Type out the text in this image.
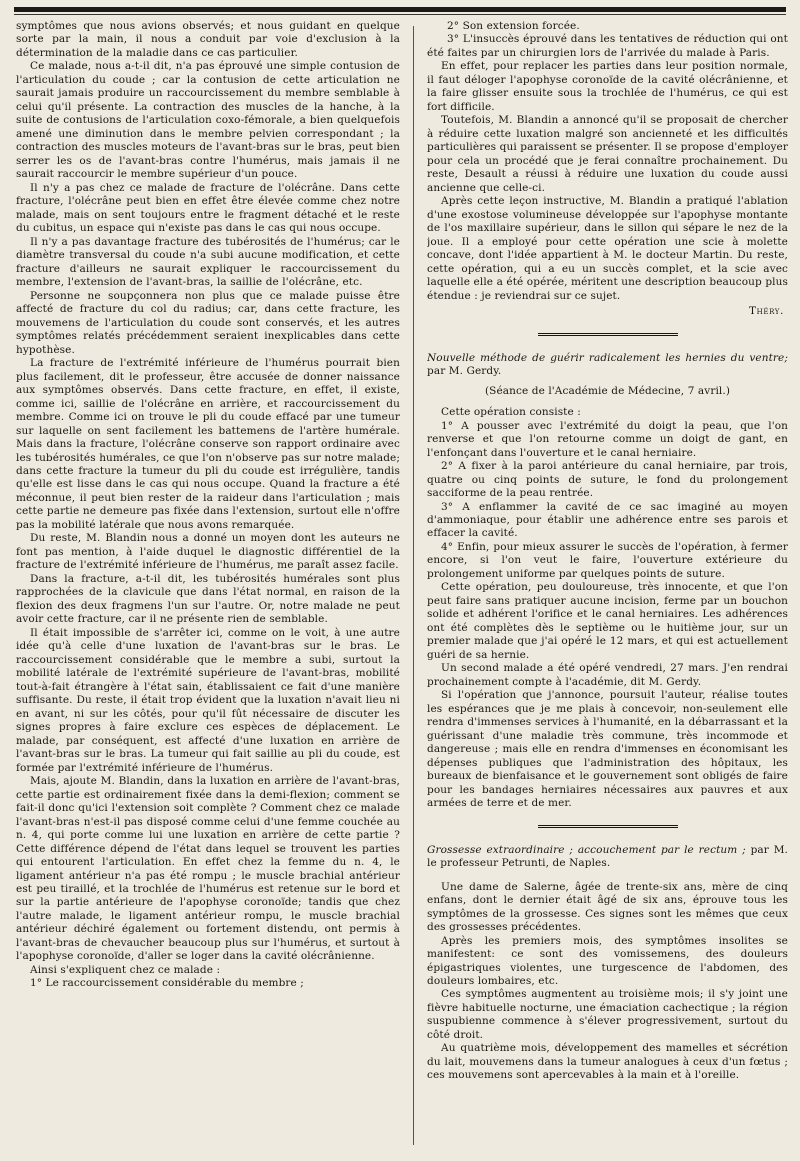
symptômes que nous avions observés; et nous guidant en quelque sorte par la main, il nous a conduit par voie d'exclusion à la détermination de la maladie dans ce cas particulier.

Ce malade, nous a-t-il dit, n'a pas éprouvé une simple contusion de l'articulation du coude ; car la contusion de cette articulation ne saurait jamais produire un raccourcissement du membre semblable à celui qu'il présente. La contraction des muscles de la hanche, à la suite de contusions de l'articulation coxo-fémorale, a bien quelquefois amené une diminution dans le membre pelvien correspondant ; la contraction des muscles moteurs de l'avant-bras sur le bras, peut bien serrer les os de l'avant-bras contre l'humérus, mais jamais il ne saurait raccourcir le membre supérieur d'un pouce.

Il n'y a pas chez ce malade de fracture de l'olécrâne. Dans cette fracture, l'olécrâne peut bien en effet être élevée comme chez notre malade, mais on sent toujours entre le fragment détaché et le reste du cubitus, un espace qui n'existe pas dans le cas qui nous occupe.

Il n'y a pas davantage fracture des tubérosités de l'humérus; car le diamètre transversal du coude n'a subi aucune modification, et cette fracture d'ailleurs ne saurait expliquer le raccourcissement du membre, l'extension de l'avant-bras, la saillie de l'olécrâne, etc.

Personne ne soupçonnera non plus que ce malade puisse être affecté de fracture du col du radius; car, dans cette fracture, les mouvemens de l'articulation du coude sont conservés, et les autres symptômes relatés précédemment seraient inexplicables dans cette hypothèse.

La fracture de l'extrémité inférieure de l'humérus pourrait bien plus facilement, dit le professeur, être accusée de donner naissance aux symptômes observés. Dans cette fracture, en effet, il existe, comme ici, saillie de l'olécrâne en arrière, et raccourcissement du membre. Comme ici on trouve le pli du coude effacé par une tumeur sur laquelle on sent facilement les battemens de l'artère humérale. Mais dans la fracture, l'olécrâne conserve son rapport ordinaire avec les tubérosités humérales, ce que l'on n'observe pas sur notre malade; dans cette fracture la tumeur du pli du coude est irrégulière, tandis qu'elle est lisse dans le cas qui nous occupe. Quand la fracture a été méconnue, il peut bien rester de la raideur dans l'articulation ; mais cette partie ne demeure pas fixée dans l'extension, surtout elle n'offre pas la mobilité latérale que nous avons remarquée.

Du reste, M. Blandin nous a donné un moyen dont les auteurs ne font pas mention, à l'aide duquel le diagnostic différentiel de la fracture de l'extrémité inférieure de l'humérus, me paraît assez facile.

Dans la fracture, a-t-il dit, les tubérosités humérales sont plus rapprochées de la clavicule que dans l'état normal, en raison de la flexion des deux fragmens l'un sur l'autre. Or, notre malade ne peut avoir cette fracture, car il ne présente rien de semblable.

Il était impossible de s'arrêter ici, comme on le voit, à une autre idée qu'à celle d'une luxation de l'avant-bras sur le bras. Le raccourcissement considérable que le membre a subi, surtout la mobilité latérale de l'extrémité supérieure de l'avant-bras, mobilité tout-à-fait étrangère à l'état sain, établissaient ce fait d'une manière suffisante. Du reste, il était trop évident que la luxation n'avait lieu ni en avant, ni sur les côtés, pour qu'il fût nécessaire de discuter les signes propres à faire exclure ces espèces de déplacement. Le malade, par conséquent, est affecté d'une luxation en arrière de l'avant-bras sur le bras. La tumeur qui fait saillie au pli du coude, est formée par l'extrémité inférieure de l'humérus.

Mais, ajoute M. Blandin, dans la luxation en arrière de l'avant-bras, cette partie est ordinairement fixée dans la demi-flexion; comment se fait-il donc qu'ici l'extension soit complète ? Comment chez ce malade l'avant-bras n'est-il pas disposé comme celui d'une femme couchée au n. 4, qui porte comme lui une luxation en arrière de cette partie ? Cette différence dépend de l'état dans lequel se trouvent les parties qui entourent l'articulation. En effet chez la femme du n. 4, le ligament antérieur n'a pas été rompu ; le muscle brachial antérieur est peu tiraillé, et la trochlée de l'humérus est retenue sur le bord et sur la partie antérieure de l'apophyse coronoïde; tandis que chez l'autre malade, le ligament antérieur rompu, le muscle brachial antérieur déchiré également ou fortement distendu, ont permis à l'avant-bras de chevaucher beaucoup plus sur l'humérus, et surtout à l'apophyse coronoïde, d'aller se loger dans la cavité olécrânienne.

Ainsi s'expliquent chez ce malade :

1° Le raccourcissement considérable du membre ;

2° Son extension forcée.

3° L'insuccès éprouvé dans les tentatives de réduction qui ont été faites par un chirurgien lors de l'arrivée du malade à Paris.

En effet, pour replacer les parties dans leur position normale, il faut déloger l'apophyse coronoïde de la cavité olécrânienne, et la faire glisser ensuite sous la trochlée de l'humérus, ce qui est fort difficile.

Toutefois, M. Blandin a annoncé qu'il se proposait de chercher à réduire cette luxation malgré son ancienneté et les difficultés particulières qui paraissent se présenter. Il se propose d'employer pour cela un procédé que je ferai connaître prochainement. Du reste, Desault a réussi à réduire une luxation du coude aussi ancienne que celle-ci.

Après cette leçon instructive, M. Blandin a pratiqué l'ablation d'une exostose volumineuse développée sur l'apophyse montante de l'os maxillaire supérieur, dans le sillon qui sépare le nez de la joue. Il a employé pour cette opération une scie à molette concave, dont l'idée appartient à M. le docteur Martin. Du reste, cette opération, qui a eu un succès complet, et la scie avec laquelle elle a été opérée, méritent une description beaucoup plus étendue : je reviendrai sur ce sujet.

Théry.

Nouvelle méthode de guérir radicalement les hernies du ventre; par M. Gerdy.

(Séance de l'Académie de Médecine, 7 avril.)

Cette opération consiste :

1° A pousser avec l'extrémité du doigt la peau, que l'on renverse et que l'on retourne comme un doigt de gant, en l'enfonçant dans l'ouverture et le canal herniaire.

2° A fixer à la paroi antérieure du canal herniaire, par trois, quatre ou cinq points de suture, le fond du prolongement sacciforme de la peau rentrée.

3° A enflammer la cavité de ce sac imaginé au moyen d'ammoniaque, pour établir une adhérence entre ses parois et effacer la cavité.

4° Enfin, pour mieux assurer le succès de l'opération, à fermer encore, si l'on veut le faire, l'ouverture extérieure du prolongement uniforme par quelques points de suture.

Cette opération, peu douloureuse, très innocente, et que l'on peut faire sans pratiquer aucune incision, ferme par un bouchon solide et adhérent l'orifice et le canal herniaires. Les adhérences ont été complètes dès le septième ou le huitième jour, sur un premier malade que j'ai opéré le 12 mars, et qui est actuellement guéri de sa hernie.

Un second malade a été opéré vendredi, 27 mars. J'en rendrai prochainement compte à l'académie, dit M. Gerdy.

Si l'opération que j'annonce, poursuit l'auteur, réalise toutes les espérances que je me plais à concevoir, non-seulement elle rendra d'immenses services à l'humanité, en la débarrassant et la guérissant d'une maladie très commune, très incommode et dangereuse ; mais elle en rendra d'immenses en économisant les dépenses publiques que l'administration des hôpitaux, les bureaux de bienfaisance et le gouvernement sont obligés de faire pour les bandages herniaires nécessaires aux pauvres et aux armées de terre et de mer.

Grossesse extraordinaire ; accouchement par le rectum ; par M. le professeur Petrunti, de Naples.

Une dame de Salerne, âgée de trente-six ans, mère de cinq enfans, dont le dernier était âgé de six ans, éprouve tous les symptômes de la grossesse. Ces signes sont les mêmes que ceux des grossesses précédentes.

Après les premiers mois, des symptômes insolites se manifestent: ce sont des vomissemens, des douleurs épigastriques violentes, une turgescence de l'abdomen, des douleurs lombaires, etc.

Ces symptômes augmentent au troisième mois; il s'y joint une fièvre habituelle nocturne, une émaciation cachectique ; la région suspubienne commence à s'élever progressivement, surtout du côté droit.

Au quatrième mois, développement des mamelles et sécrétion du lait, mouvemens dans la tumeur analogues à ceux d'un fœtus ; ces mouvemens sont apercevables à la main et à l'oreille.
